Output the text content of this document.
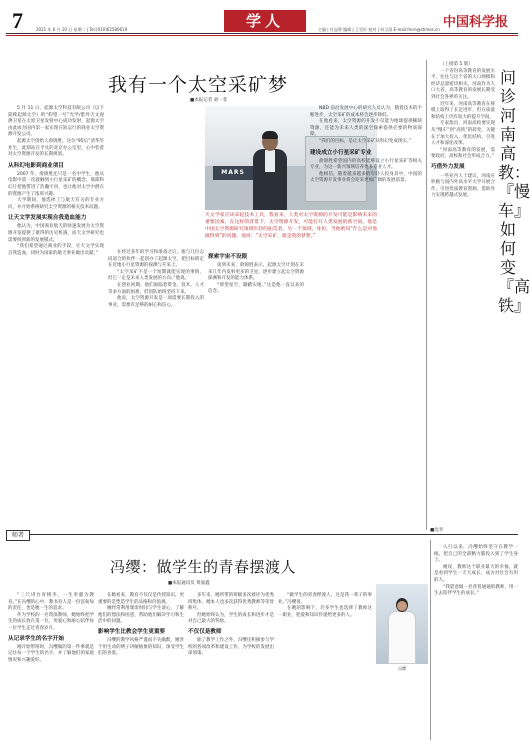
7	学人	中国科学报
2021 年 6 月 10 日 星期二 | Tel:(010)62580619	主编 | 付冠勇 编辑 | 王昊好 校对 | 何卫清 E-mail:hnrn@stimes.cn
我有一个太空采矿梦
■本报记者 刘一菲
MARS
天文学家应该拿起技术工具，我看来，人类对太空资源的开发可能是影响未来的重要因素。在这样的背景下，太空资源开发，可能打开人类发展的新空间。他是中国太空资源研究领域年轻的拓荒者。另一个领域，身份，当他被问“什么是对他做得到”的问题，他说：“太空采矿，就是我的梦想。”

5 月 11 日，起源太空科技有限公司（以下简称起源太空）的“仰望一号”光学/紫外天文观测卫星在太原卫星发射中心成功发射，起源太空由此成为国内第一家实现在轨运行的商业太空资源开发公司。

起源太空创始人俞锦胜，这位“95后”清华毕业生，此刻站在平凡的北京办公室里，心中装着对太空资源开发的长期规划。

从科幻电影到商业项目

2007 年，俞锦胜还只是一名中学生，他从电影中第一次接触到小行星采矿的概念。那部科幻片把他带进了浩瀚宇宙，也让他对太空中潜在的资源产生了浓厚兴趣。

大学期间，他选择了与航天有关的专业方向，并开始系统研究太空资源的相关技术问题。

让天文学发展实现自我造血能力

他认为，中国商业航天的快速发展为太空资源开发提供了难得的历史机遇，而天文学研究也需要找到新的发展模式。

“我们希望通过商业的手段，让天文学实现自我造血，同时为国家的航天事业做出贡献。”	在经过多年的学习和准备之后，他与几位志同道合的伙伴一起创办了起源太空，把目标锁定在近地小行星资源的探测与开采上。

“太空采矿不是一个短期就能实现的事情，但它一定是未来人类发展的方向。”他说。

在创业初期，他们面临着资金、技术、人才等多方面的困难，但团队始终坚持下来。

他说，太空资源开发是一项需要长期投入的事业，需要有足够的耐心和信心。

探索宇宙不设限

谈到未来，俞锦胜表示，起源太空计划在未来几年内发射更多的卫星，逐步建立起太空资源探测和开发的能力体系。

“仰望星空，脚踏实地。”这是他一直以来的信念。

NBD 前沿发展中心的研究人员认为，随着技术的不断进步，太空采矿的成本将会逐步降低。

在他看来，太空资源的开发不仅能为地球提供稀缺资源，还能为未来人类的深空探索提供必要的物质保障。

“我们的目标，是让太空采矿从科幻变成现实。”

建设成立小行星采矿专业

俞锦胜希望国内的高校能够设立小行星采矿等相关专业，为这一新兴领域培养更多专业人才。

他相信，随着越来越多的年轻人投身其中，中国的太空资源开发事业将会迎来更加广阔的发展前景。

（上接第 5 版）

一个省份高等教育的发展水平，往往与这个省的人口规模和经济总量密切相关。河南作为人口大省，高等教育的发展长期受到社会各界的关注。

近年来，河南高等教育在规模上取得了长足进步，但在质量和结构上仍有较大的提升空间。

专家指出，河南高校要实现从“慢车”到“高铁”的转变，关键在于加大投入、优化结构、引进人才和深化改革。

“河南高等教育的发展，需要政府、高校和社会形成合力。”

巧借外力发展

一些业内人士建议，河南应积极与国内外高水平大学开展合作，引进优质教育资源，借助外力实现跨越式发展。

问诊河南高教：『慢车』如何变『高铁』
■沈李
师者
冯缨：做学生的青春摆渡人
■本报通讯员 黄嘉鑫

“三尺讲台育桃李，一生奉献为教育。”在冯缨的心中，教书育人是一份沉甸甸的责任，也是她一生的追求。

作为学校的一名资深教师，她始终把学生的成长放在第一位，用爱心和耐心陪伴每一位学生走过青春岁月。

从记录学生的名字开始

刚开始带班时，冯缨做的第一件事就是记住每一个学生的名字，并了解他们的家庭情况和兴趣爱好。

在她看来，教育不仅仅是传授知识，更重要的是塑造学生的品格和价值观。

她经常利用课余时间与学生谈心，了解他们的想法和困惑，帮助他们解决学习和生活中的问题。

影响学生比教会学生更重要

冯缨的教学风格严谨而不失幽默，她善于用生动的例子讲解抽象的知识，深受学生们的喜爱。

多年来，她所带的班级多次被评为优秀班集体，她本人也多次获得优秀教师等荣誉称号。

但她始终认为，学生的成长和进步才是对自己最大的奖励。

不仅仅是教师

除了教学工作之外，冯缨还积极参与学校的各项改革和建设工作，为学校的发展出谋划策。

“做学生的青春摆渡人，这是我一辈子的事业。”冯缨说。

在她的影响下，许多学生也选择了教师这一职业，把爱和知识传递给更多的人。

冯缨

入行以来，冯缨始终坚守在教学一线，把自己的全部精力都投入到了学生身上。

她说，教师这个职业最大的幸福，就是看到学生一天天成长，成为对社会有用的人。

“我愿意做一名普普通通的教师，用一生去陪伴学生的成长。”
